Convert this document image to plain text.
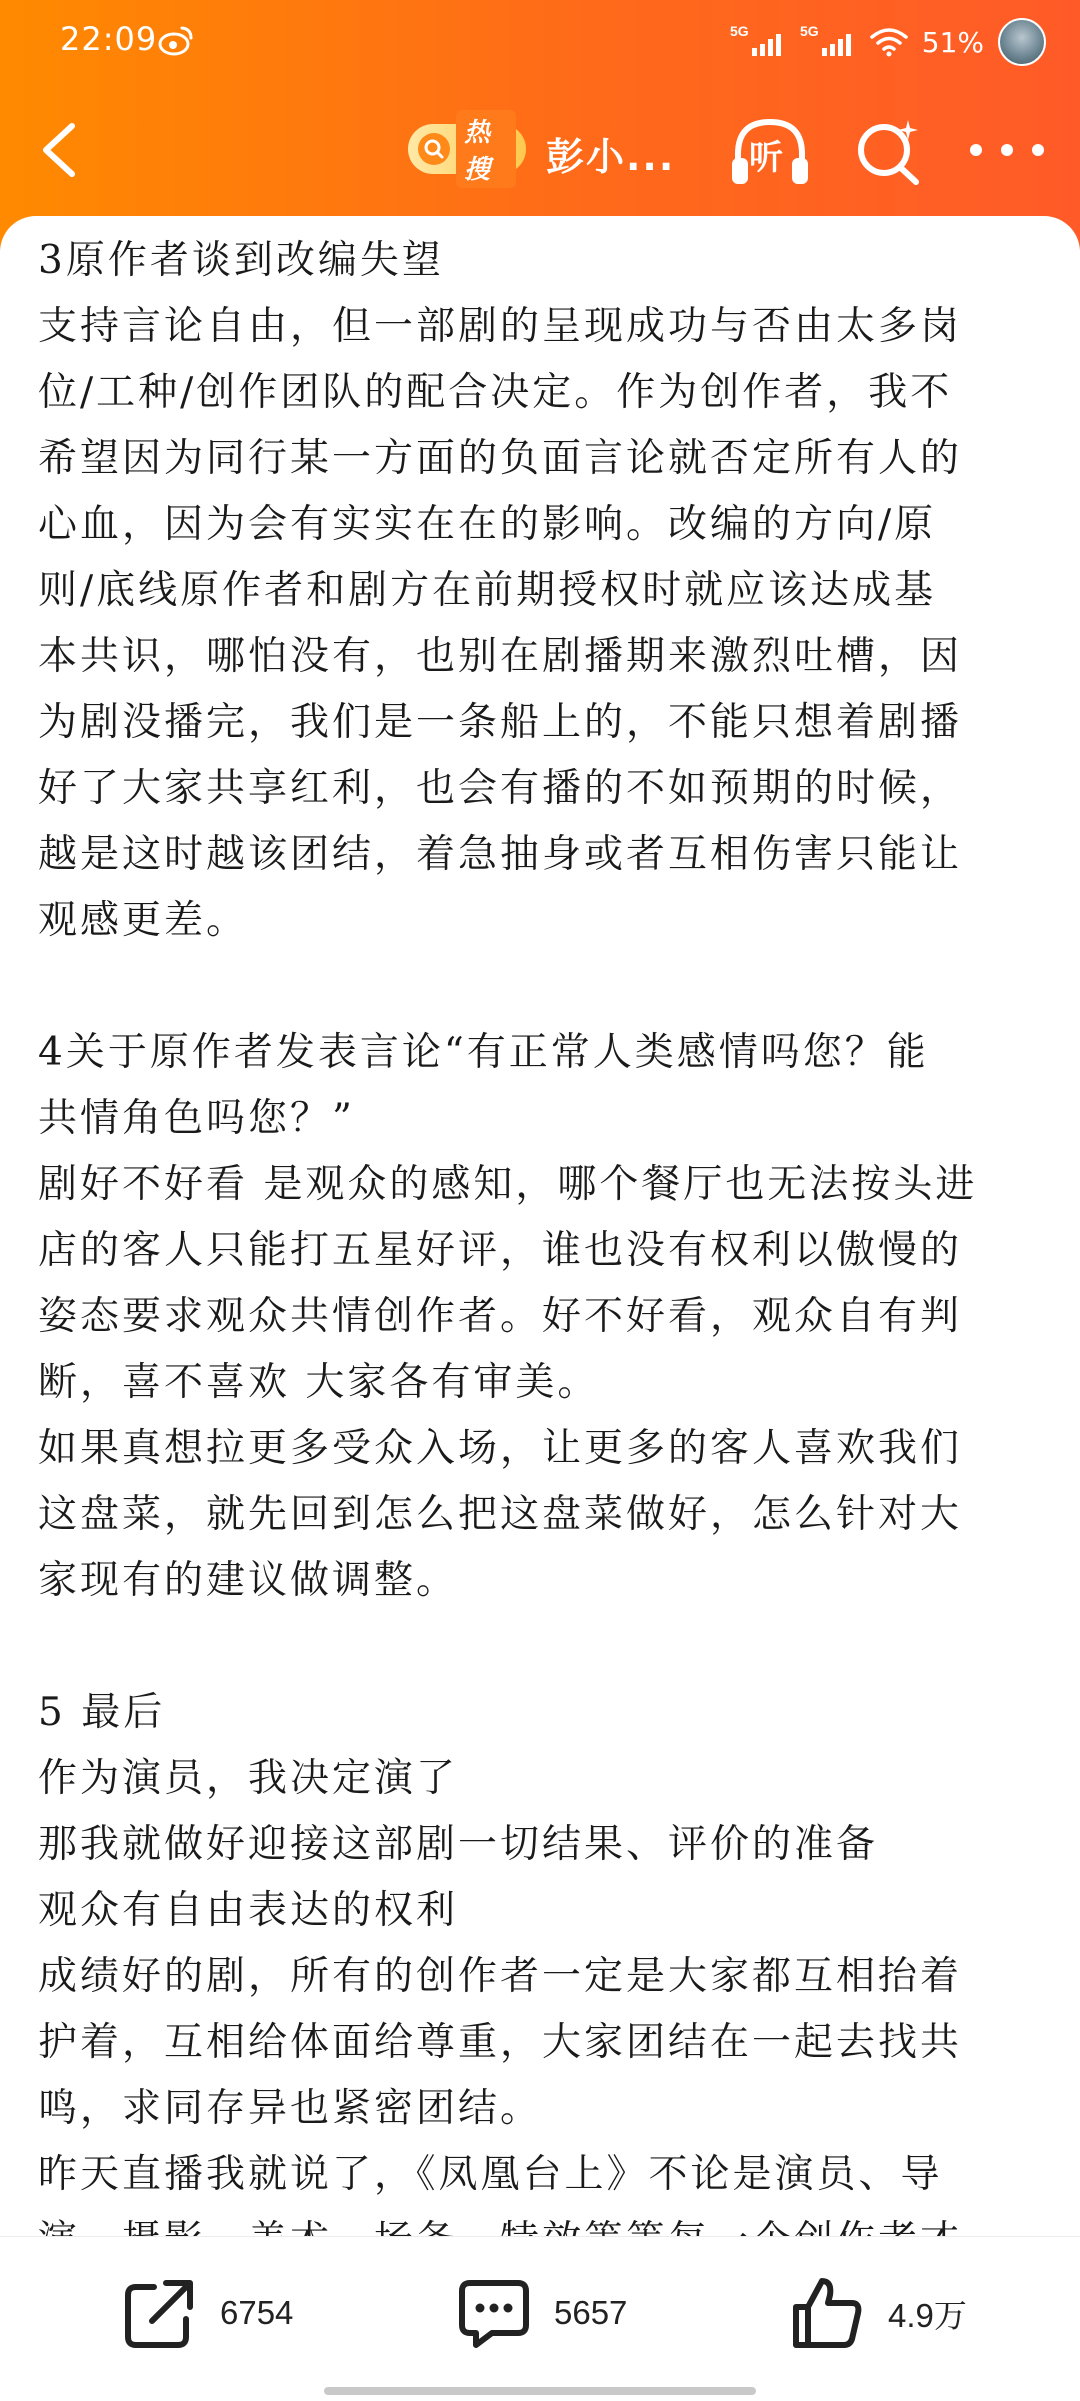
22:09	5G	5G	51%
热搜	彭小... 听
3原作者谈到改编失望
支持言论自由，但一部剧的呈现成功与否由太多岗
位/工种/创作团队的配合决定。作为创作者，我不
希望因为同行某一方面的负面言论就否定所有人的
心血，因为会有实实在在的影响。改编的方向/原
则/底线原作者和剧方在前期授权时就应该达成基
本共识，哪怕没有，也别在剧播期来激烈吐槽，因
为剧没播完，我们是一条船上的，不能只想着剧播
好了大家共享红利，也会有播的不如预期的时候，
越是这时越该团结，着急抽身或者互相伤害只能让
观感更差。
4关于原作者发表言论“有正常人类感情吗您？能
共情角色吗您？”
剧好不好看 是观众的感知，哪个餐厅也无法按头进
店的客人只能打五星好评，谁也没有权利以傲慢的
姿态要求观众共情创作者。好不好看，观众自有判
断，喜不喜欢 大家各有审美。
如果真想拉更多受众入场，让更多的客人喜欢我们
这盘菜，就先回到怎么把这盘菜做好，怎么针对大
家现有的建议做调整。
5 最后
作为演员，我决定演了
那我就做好迎接这部剧一切结果、评价的准备
观众有自由表达的权利
成绩好的剧，所有的创作者一定是大家都互相抬着
护着，互相给体面给尊重，大家团结在一起去找共
鸣，求同存异也紧密团结。
昨天直播我就说了，《凤凰台上》不论是演员、导
6754	5657	4.9万
